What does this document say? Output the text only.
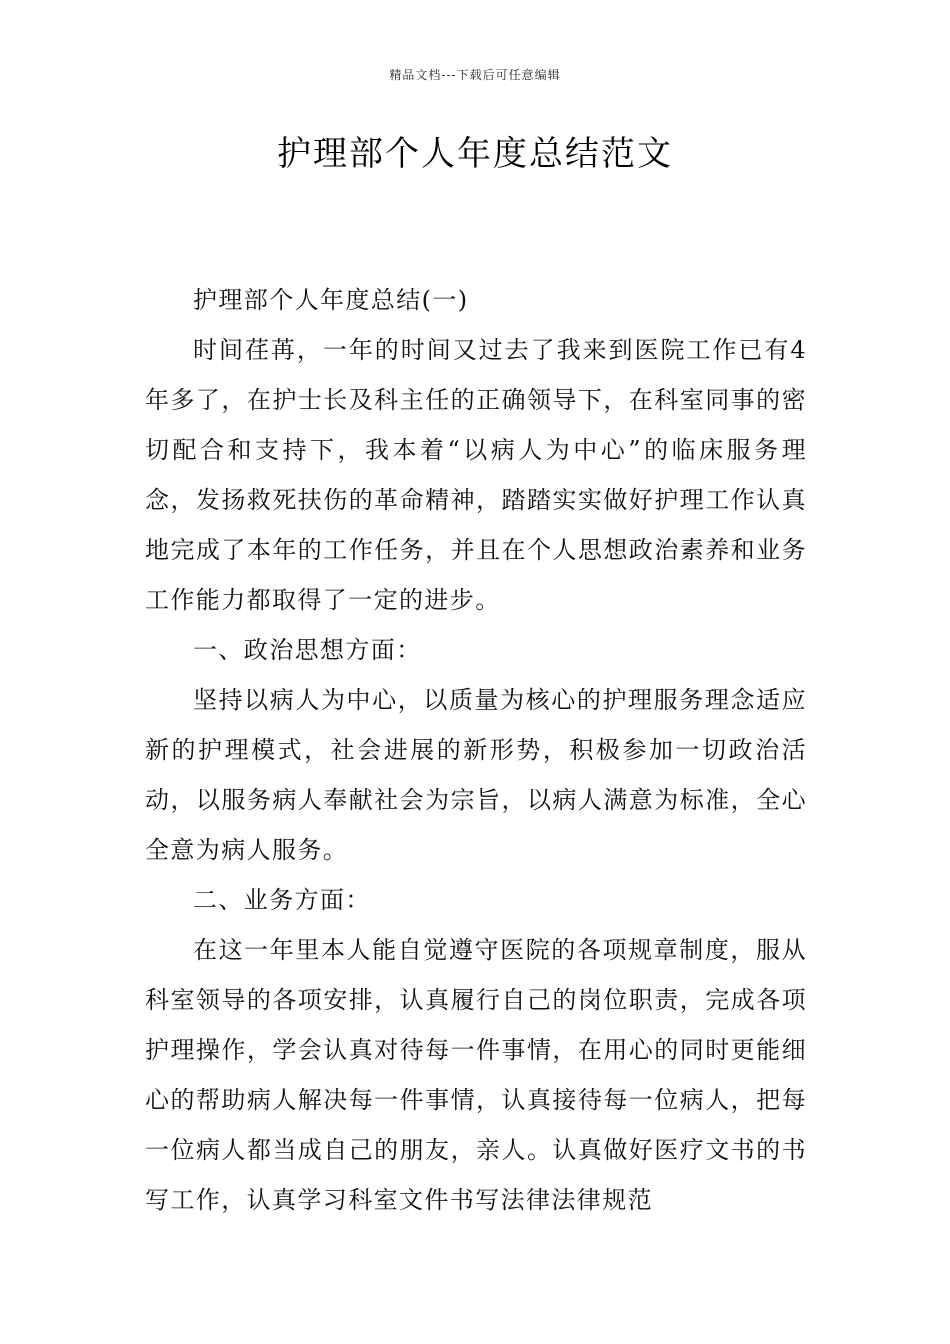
精品文档---下载后可任意编辑
护理部个人年度总结范文

护理部个人年度总结(一)

时间荏苒，一年的时间又过去了我来到医院工作已有4年多了，在护士长及科主任的正确领导下，在科室同事的密切配合和支持下，我本着“以病人为中心”的临床服务理念，发扬救死扶伤的革命精神，踏踏实实做好护理工作认真地完成了本年的工作任务，并且在个人思想政治素养和业务工作能力都取得了一定的进步。

一、政治思想方面：

坚持以病人为中心，以质量为核心的护理服务理念适应新的护理模式，社会进展的新形势，积极参加一切政治活动，以服务病人奉献社会为宗旨，以病人满意为标准，全心全意为病人服务。

二、业务方面：

在这一年里本人能自觉遵守医院的各项规章制度，服从科室领导的各项安排，认真履行自己的岗位职责，完成各项护理操作，学会认真对待每一件事情，在用心的同时更能细心的帮助病人解决每一件事情，认真接待每一位病人，把每一位病人都当成自己的朋友，亲人。认真做好医疗文书的书写工作，认真学习科室文件书写法律法律规范
